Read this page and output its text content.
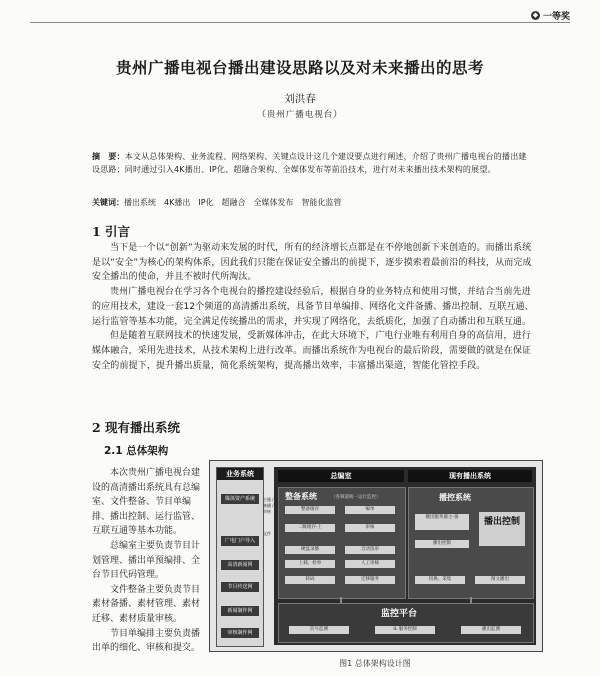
◆ 一等奖
贵州广播电视台播出建设思路以及对未来播出的思考
刘洪春
（贵州广播电视台）
摘　要：本文从总体架构、业务流程、网络架构、关键点设计这几个建设要点进行阐述，介绍了贵州广播电视台的播出建设思路；同时通过引入4K播出、IP化、超融合架构、全媒体发布等前沿技术，进行对未来播出技术架构的展望。
关键词：播出系统　4K播出　IP化　超融合　全媒体发布　智能化监管
1 引言

当下是一个以“创新”为驱动来发展的时代，所有的经济增长点都是在不停地创新下来创造的。而播出系统是以“安全”为核心的架构体系，因此我们只能在保证安全播出的前提下，逐步摸索着最前沿的科技，从而完成安全播出的使命，并且不被时代所淘汰。

贵州广播电视台在学习各个电视台的播控建设经验后，根据自身的业务特点和使用习惯，并结合当前先进的应用技术，建设一套12个频道的高清播出系统，具备节目单编排、网络化文件备播、播出控制、互联互通、运行监管等基本功能，完全满足传统播出的需求，并实现了网络化，去纸质化，加强了自动播出和互联互通。

但是随着互联网技术的快速发展，受新媒体冲击，在此大环境下，广电行业唯有利用自身的高信用，进行媒体融合，采用先进技术，从技术架构上进行改革。而播出系统作为电视台的最后阶段，需要做的就是在保证安全的前提下，提升播出质量，简化系统架构，提高播出效率，丰富播出渠道，智能化管控手段。

2 现有播出系统
2.1 总体架构

本次贵州广播电视台建设的高清播出系统具有总编室、文件整备、节目单编排、播出控制、运行监管、互联互通等基本功能。

总编室主要负责节目计划管理、播出单预编排、全台节目代码管理。

文件整备主要负责节目素材备播、素材管理、素材迁移、素材质量审核。

节目单编排主要负责播出单的细化、审核和提交。

业务系统
媒体资产系统
广电门户导入
高清新闻网
节目传送网
新闻制作网
审核制作网
主播 / 备播 / 审核
文件
总编室	现有播出系统
整备系统	（各频道统一运行监控）
整备缓存	编单
二级缓存-上	审核
硬盘录播	自动技审
上载、检单	人工审核
转码	迁移服务
播控系统
播出服务器主-备	播出控制
播出控制
切换、采集	图文播出
监控平台
信号监测	IL 服务控制	播出监测
图1 总体架构设计图
